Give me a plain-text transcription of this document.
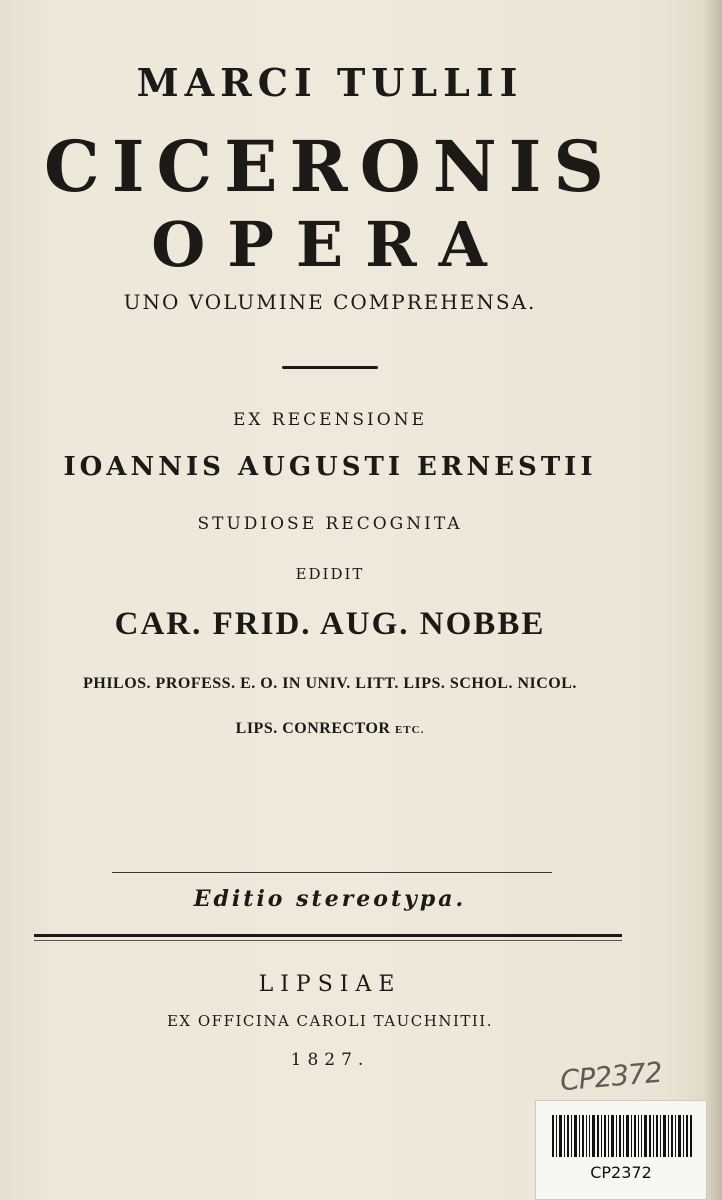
MARCI TULLII
CICERONIS
OPERA
UNO VOLUMINE COMPREHENSA.
EX RECENSIONE
IOANNIS AUGUSTI ERNESTII
STUDIOSE RECOGNITA
EDIDIT
CAR. FRID. AUG. NOBBE
PHILOS. PROFESS. E. O. IN UNIV. LITT. LIPS. SCHOL. NICOL.
LIPS. CONRECTOR ETC.
Editio stereotypa.
LIPSIAE
EX OFFICINA CAROLI TAUCHNITII.
1827.	CP2372
CP2372
